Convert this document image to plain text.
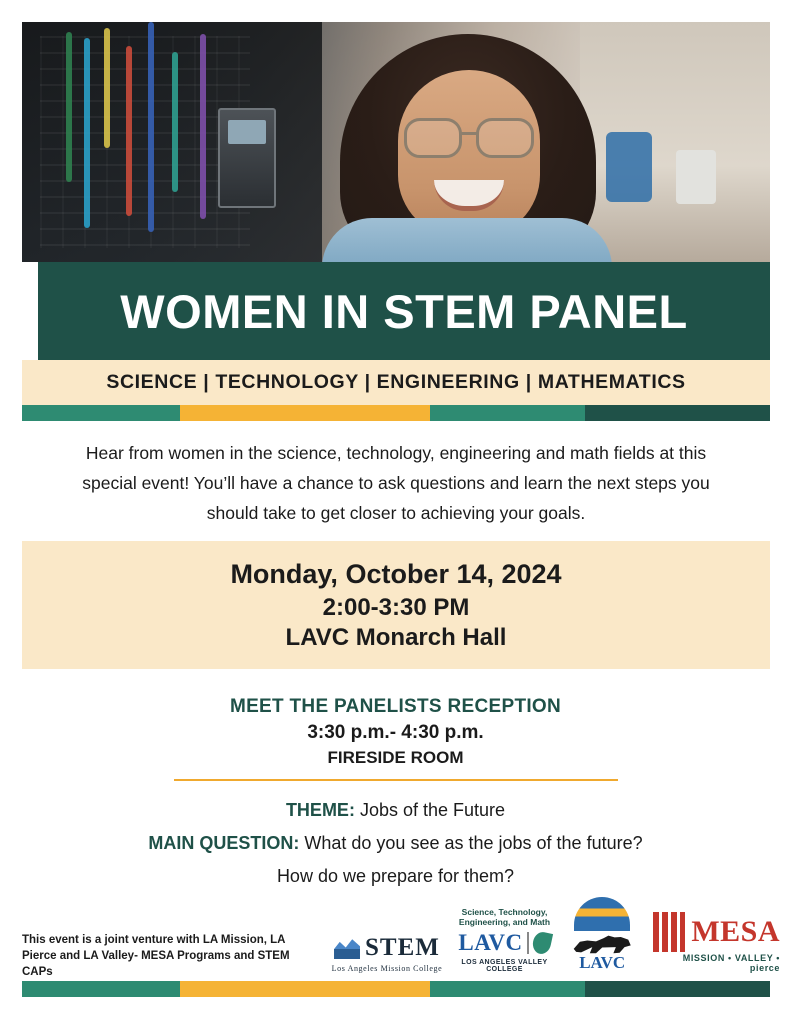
WOMEN IN STEM PANEL
SCIENCE | TECHNOLOGY | ENGINEERING | MATHEMATICS
Hear from women in the science, technology, engineering and math fields at this special event! You’ll have a chance to ask questions and learn the next steps you should take to get closer to achieving your goals.
Monday, October 14, 2024
2:00-3:30 PM
LAVC Monarch Hall
MEET THE PANELISTS RECEPTION
3:30 p.m.- 4:30 p.m.
FIRESIDE ROOM
THEME: Jobs of the Future
MAIN QUESTION: What do you see as the jobs of the future?
How do we prepare for them?
This event is a joint venture with LA Mission, LA Pierce and LA Valley- MESA Programs and STEM CAPs
STEM
Los Angeles Mission College
Science, Technology, Engineering, and Math
LAVC
LOS ANGELES VALLEY COLLEGE	LAVC
MESA
MISSION • VALLEY • pierce
